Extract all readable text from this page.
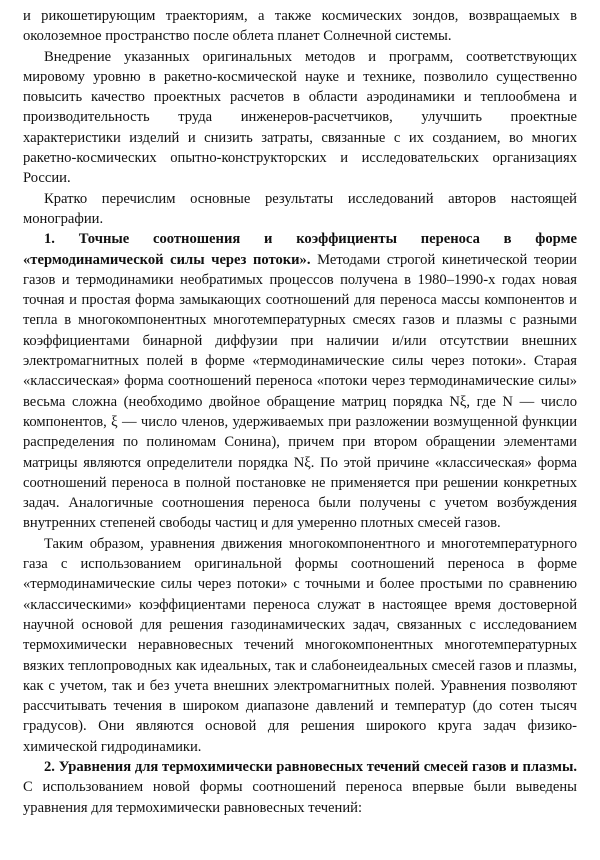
и рикошетирующим траекториям, а также космических зондов, возвращаемых в околоземное пространство после облета планет Солнечной системы.

Внедрение указанных оригинальных методов и программ, соответствующих мировому уровню в ракетно-космической науке и технике, позволило существенно повысить качество проектных расчетов в области аэродинамики и теплообмена и производительность труда инженеров-расчетчиков, улучшить проектные характеристики изделий и снизить затраты, связанные с их созданием, во многих ракетно-космических опытно-конструкторских и исследовательских организациях России.

Кратко перечислим основные результаты исследований авторов настоящей монографии.

1. Точные соотношения и коэффициенты переноса в форме «термодинамической силы через потоки». Методами строгой кинетической теории газов и термодинамики необратимых процессов получена в 1980–1990-х годах новая точная и простая форма замыкающих соотношений для переноса массы компонентов и тепла в многокомпонентных многотемпературных смесях газов и плазмы с разными коэффициентами бинарной диффузии при наличии и/или отсутствии внешних электромагнитных полей в форме «термодинамические силы через потоки». Старая «классическая» форма соотношений переноса «потоки через термодинамические силы» весьма сложна (необходимо двойное обращение матриц порядка Nξ, где N — число компонентов, ξ — число членов, удерживаемых при разложении возмущенной функции распределения по полиномам Сонина), причем при втором обращении элементами матрицы являются определители порядка Nξ. По этой причине «классическая» форма соотношений переноса в полной постановке не применяется при решении конкретных задач. Аналогичные соотношения переноса были получены с учетом возбуждения внутренних степеней свободы частиц и для умеренно плотных смесей газов.

Таким образом, уравнения движения многокомпонентного и многотемпературного газа с использованием оригинальной формы соотношений переноса в форме «термодинамические силы через потоки» с точными и более простыми по сравнению «классическими» коэффициентами переноса служат в настоящее время достоверной научной основой для решения газодинамических задач, связанных с исследованием термохимически неравновесных течений многокомпонентных многотемпературных вязких теплопроводных как идеальных, так и слабонеидеальных смесей газов и плазмы, как с учетом, так и без учета внешних электромагнитных полей. Уравнения позволяют рассчитывать течения в широком диапазоне давлений и температур (до сотен тысяч градусов). Они являются основой для решения широкого круга задач физико-химической гидродинамики.

2. Уравнения для термохимически равновесных течений смесей газов и плазмы. С использованием новой формы соотношений переноса впервые были выведены уравнения для термохимически равновесных течений:
